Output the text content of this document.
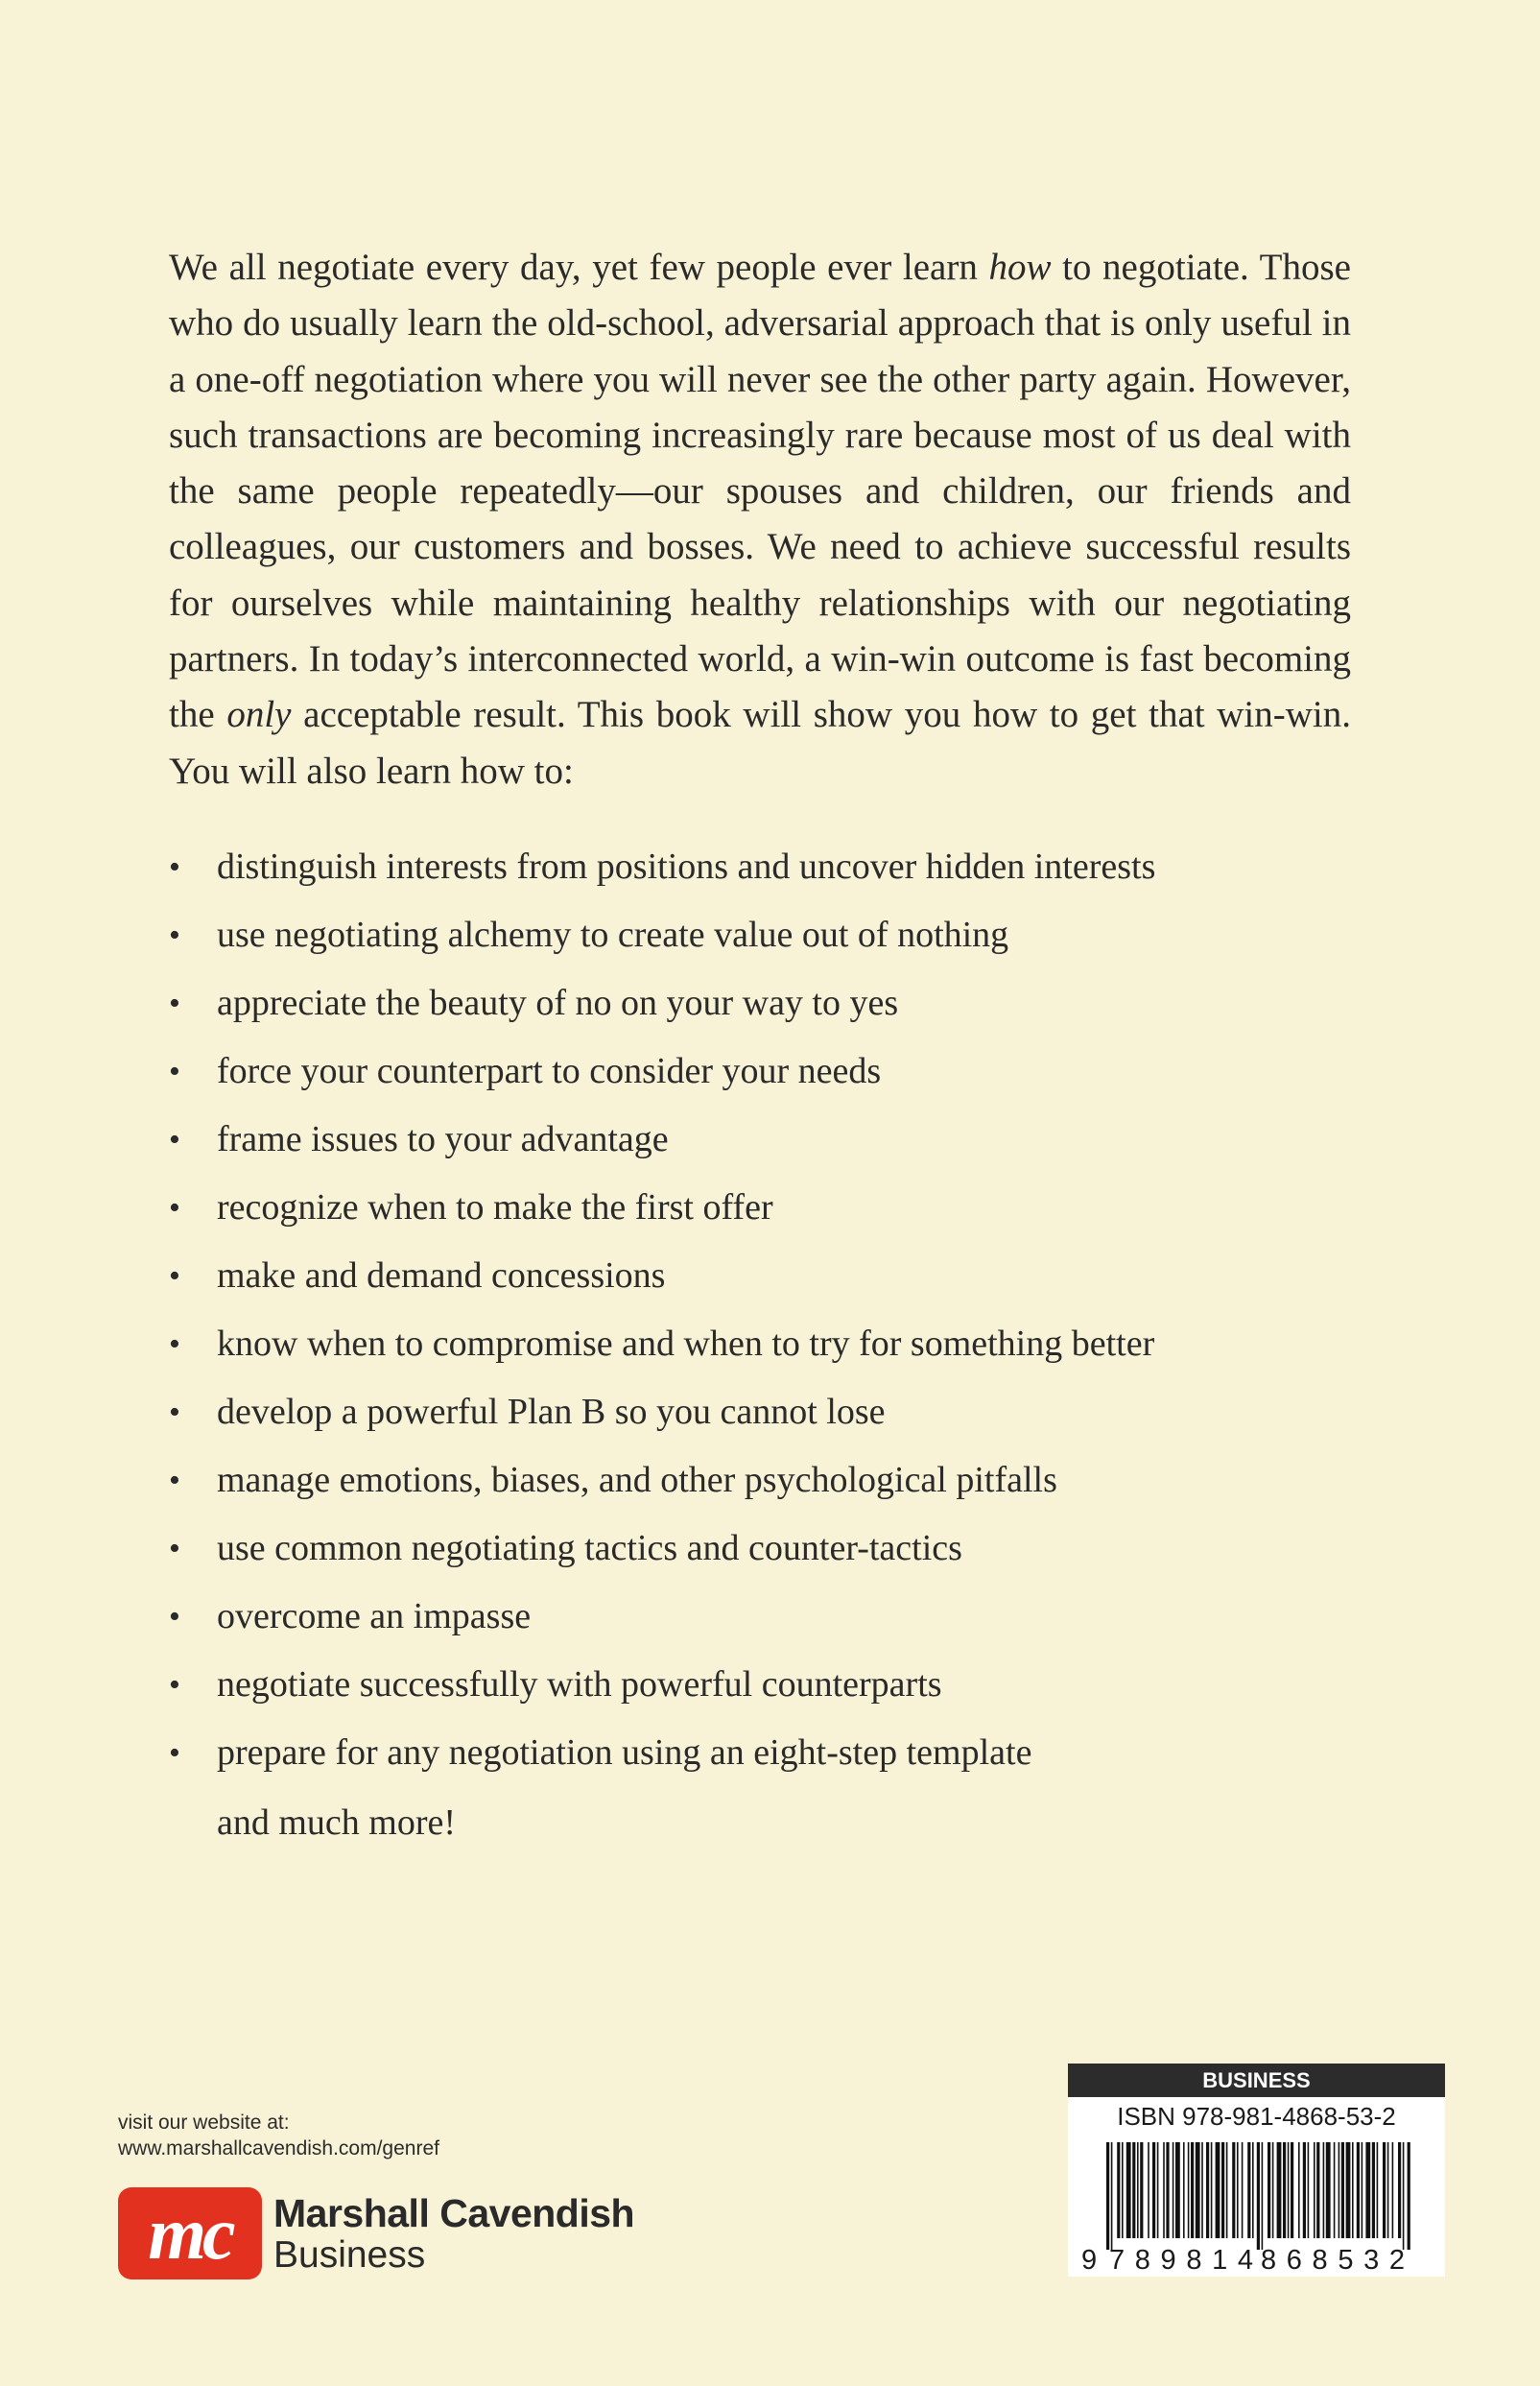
We all negotiate every day, yet few people ever learn how to negotiate. Those who do usually learn the old-school, adversarial approach that is only useful in a one-off negotiation where you will never see the other party again. However, such transactions are becoming increasingly rare because most of us deal with the same people repeatedly—our spouses and children, our friends and colleagues, our customers and bosses. We need to achieve successful results for ourselves while maintaining healthy relationships with our negotiating partners. In today’s interconnected world, a win-win outcome is fast becoming the only acceptable result. This book will show you how to get that win-win. You will also learn how to:

• distinguish interests from positions and uncover hidden interests
• use negotiating alchemy to create value out of nothing
• appreciate the beauty of no on your way to yes
• force your counterpart to consider your needs
• frame issues to your advantage
• recognize when to make the first offer
• make and demand concessions
• know when to compromise and when to try for something better
• develop a powerful Plan B so you cannot lose
• manage emotions, biases, and other psychological pitfalls
• use common negotiating tactics and counter-tactics
• overcome an impasse
• negotiate successfully with powerful counterparts
• prepare for any negotiation using an eight-step template

and much more!

visit our website at:
www.marshallcavendish.com/genref
mc	Marshall Cavendish
Business
BUSINESS
ISBN 978-981-4868-53-2
9 789814 868532
